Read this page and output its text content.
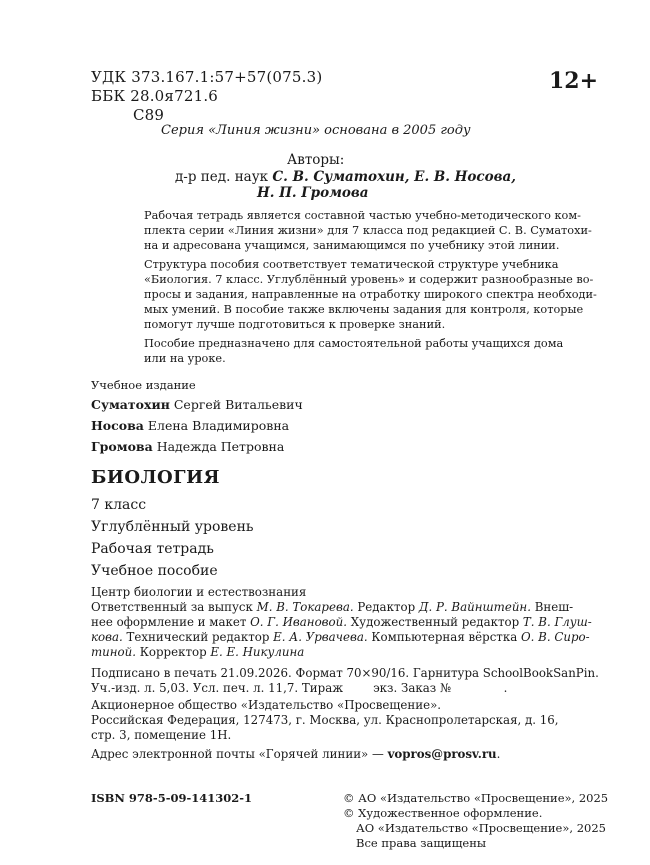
УДК 373.167.1:57+57(075.3)
ББК 28.0я721.6
С89
12+
Серия «Линия жизни» основана в 2005 году
Авторы:
д-р пед. наук С. В. Суматохин, Е. В. Носова,
Н. П. Громова
Рабочая тетрадь является составной частью учебно-методического ком-
плекта серии «Линия жизни» для 7 класса под редакцией С. В. Суматохи-
на и адресована учащимся, занимающимся по учебнику этой линии.
Структура пособия соответствует тематической структуре учебника
«Биология. 7 класс. Углублённый уровень» и содержит разнообразные во-
просы и задания, направленные на отработку широкого спектра необходи-
мых умений. В пособие также включены задания для контроля, которые
помогут лучше подготовиться к проверке знаний.
Пособие предназначено для самостоятельной работы учащихся дома
или на уроке.
Учебное издание
Суматохин Сергей Витальевич
Носова Елена Владимировна
Громова Надежда Петровна
БИОЛОГИЯ
7 класс
Углублённый уровень
Рабочая тетрадь
Учебное пособие
Центр биологии и естествознания
Ответственный за выпуск М. В. Токарева. Редактор Д. Р. Вайнштейн. Внеш-
нее оформление и макет О. Г. Ивановой. Художественный редактор Т. В. Глуш-
кова. Технический редактор Е. А. Урвачева. Компьютерная вёрстка О. В. Сиро-
тиной. Корректор Е. Е. Никулина
Подписано в печать 21.09.2026. Формат 70×90/16. Гарнитура SchoolBookSanPin.
Уч.-изд. л. 5,03. Усл. печ. л. 11,7. Тираж        экз. Заказ №              .
Акционерное общество «Издательство «Просвещение».
Российская Федерация, 127473, г. Москва, ул. Краснопролетарская, д. 16,
стр. 3, помещение 1Н.
Адрес электронной почты «Горячей линии» — vopros@prosv.ru.
ISBN 978-5-09-141302-1	© АО «Издательство «Просвещение», 2025
© Художественное оформление.
АО «Издательство «Просвещение», 2025
Все права защищены
